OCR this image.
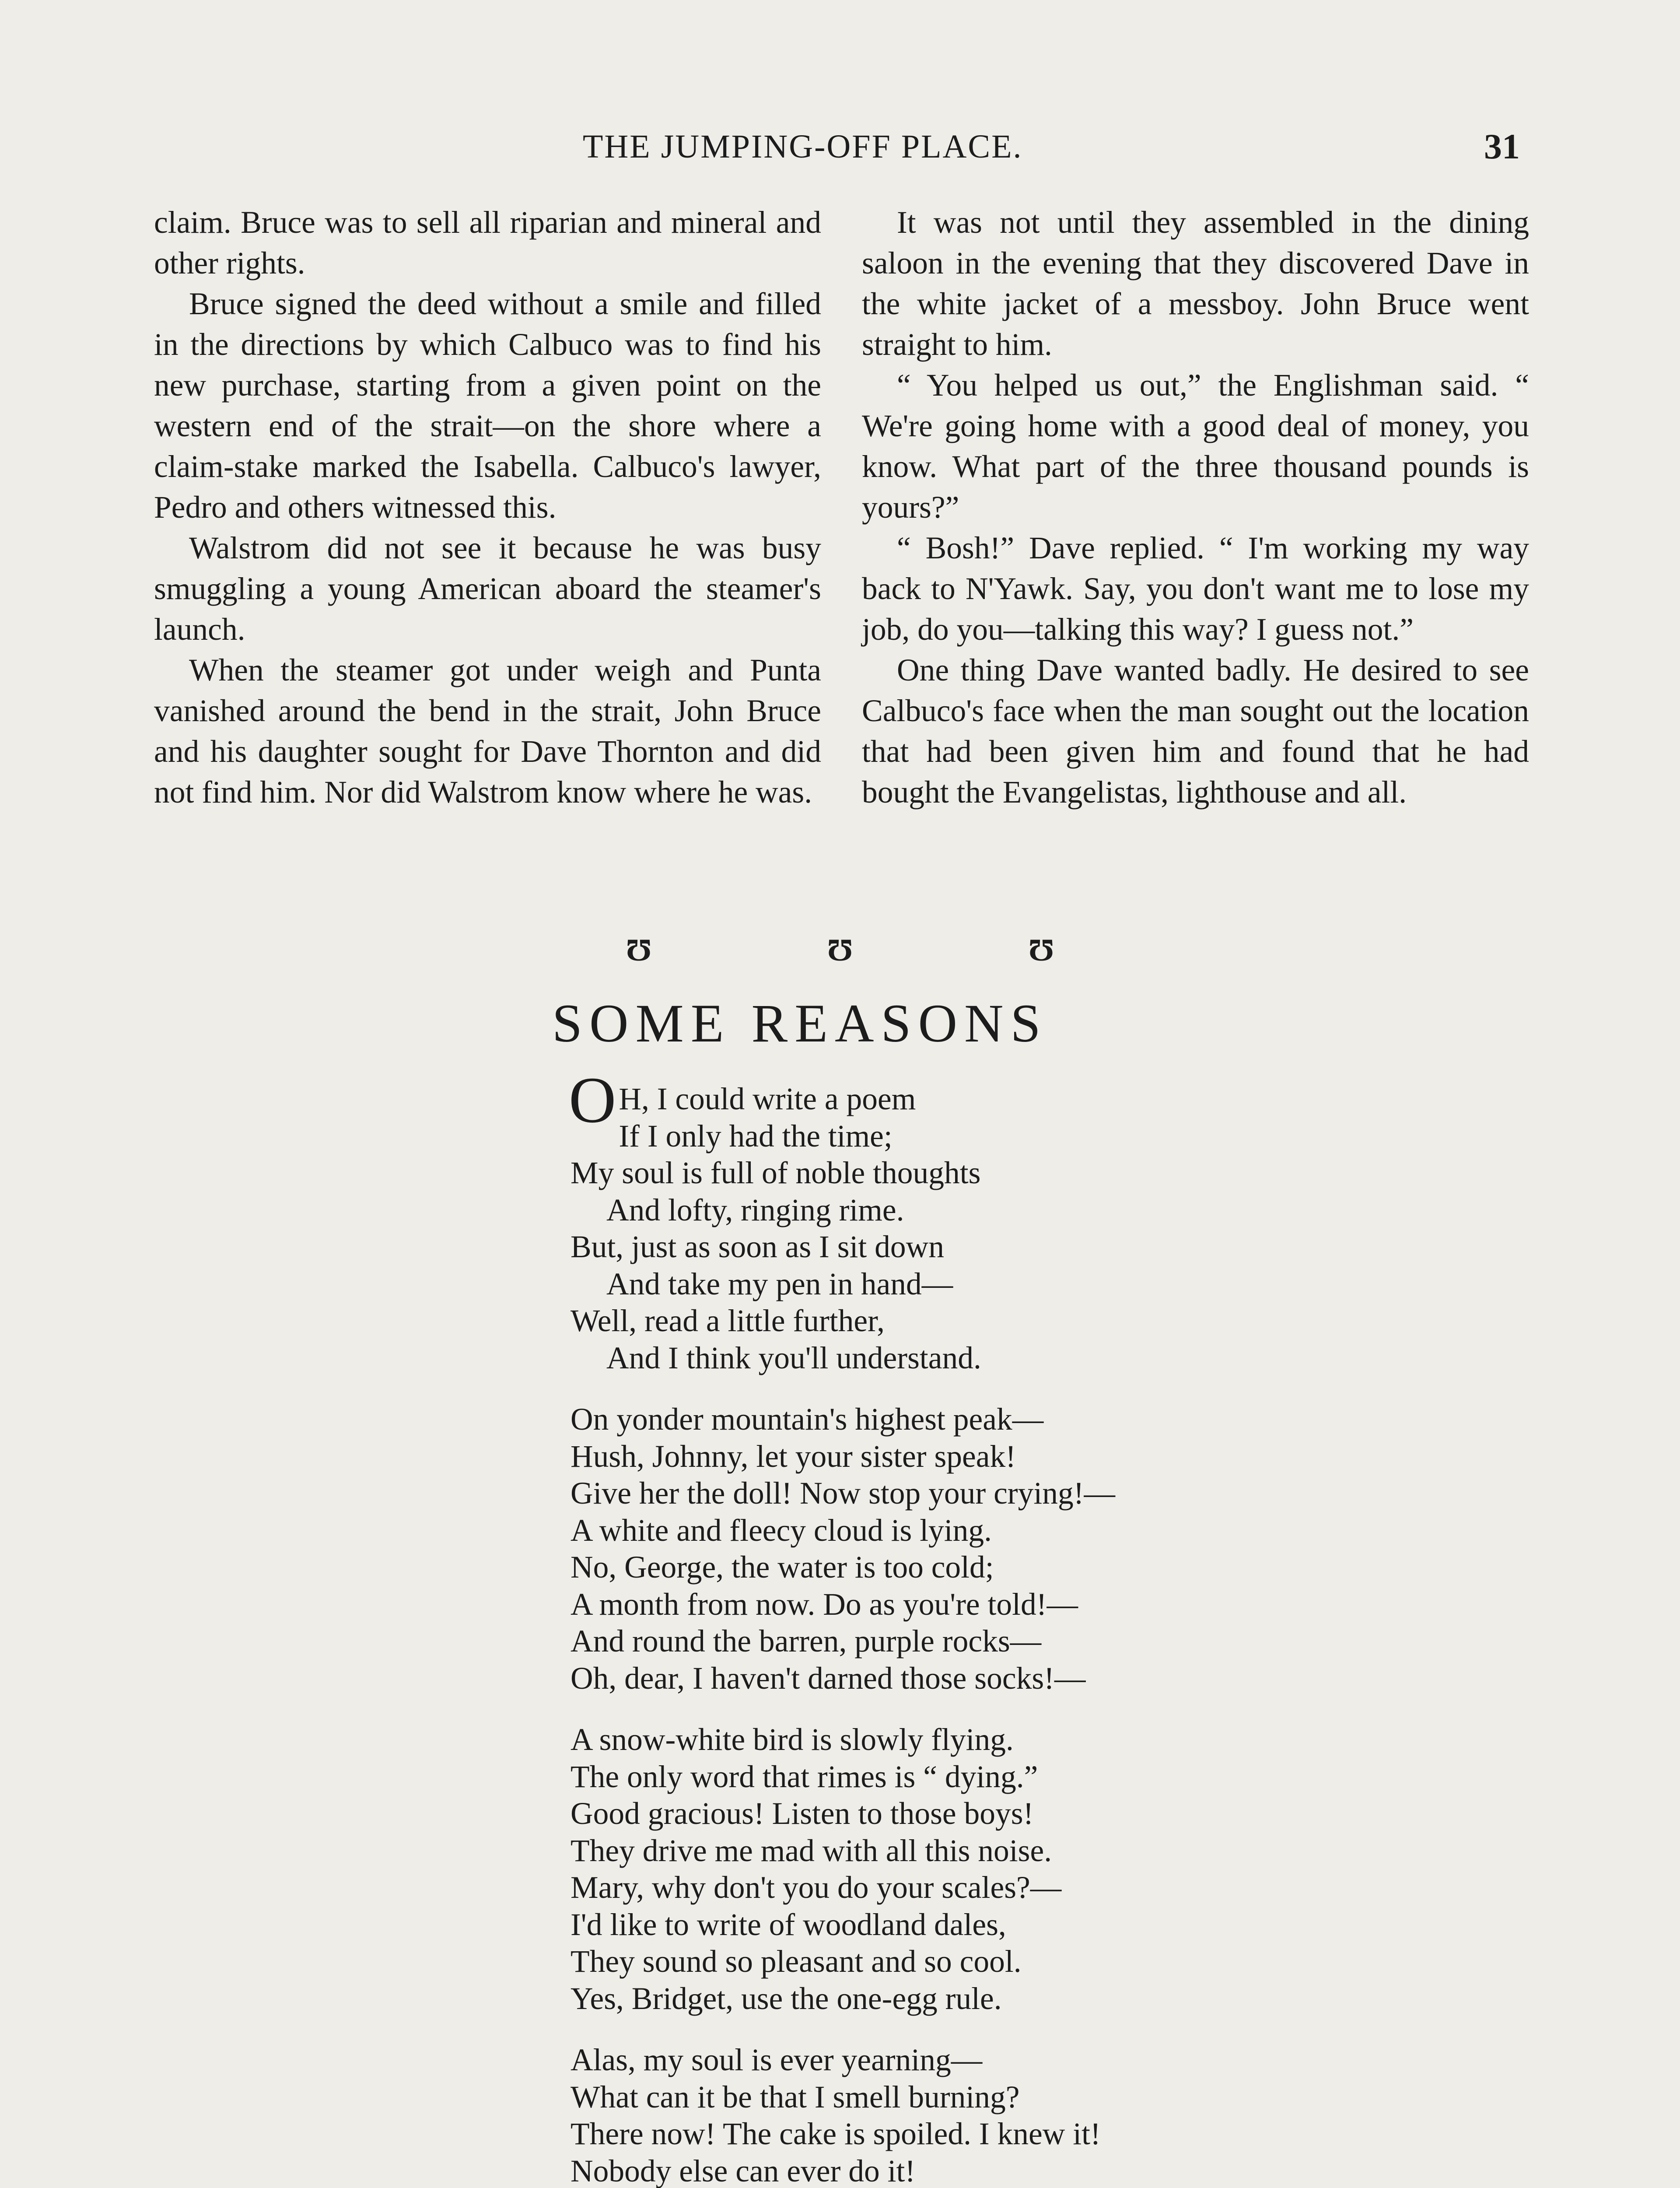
THE JUMPING-OFF PLACE.	31

claim. Bruce was to sell all riparian and mineral and other rights.

Bruce signed the deed without a smile and filled in the directions by which Calbuco was to find his new purchase, starting from a given point on the western end of the strait—on the shore where a claim-stake marked the Isabella. Calbuco's lawyer, Pedro and others witnessed this.

Walstrom did not see it because he was busy smuggling a young American aboard the steamer's launch.

When the steamer got under weigh and Punta vanished around the bend in the strait, John Bruce and his daughter sought for Dave Thornton and did not find him. Nor did Walstrom know where he was.

It was not until they assembled in the dining saloon in the evening that they discovered Dave in the white jacket of a messboy. John Bruce went straight to him.

“ You helped us out,” the Englishman said. “ We're going home with a good deal of money, you know. What part of the three thousand pounds is yours?”

“ Bosh!” Dave replied. “ I'm working my way back to N'Yawk. Say, you don't want me to lose my job, do you—talking this way? I guess not.”

One thing Dave wanted badly. He desired to see Calbuco's face when the man sought out the location that had been given him and found that he had bought the Evangelistas, lighthouse and all.

Ʊ	Ʊ	Ʊ
SOME REASONS
O H, I could write a poem
If I only had the time;
My soul is full of noble thoughts
And lofty, ringing rime.
But, just as soon as I sit down
And take my pen in hand—
Well, read a little further,
And I think you'll understand.
On yonder mountain's highest peak—
Hush, Johnny, let your sister speak!
Give her the doll! Now stop your crying!—
A white and fleecy cloud is lying.
No, George, the water is too cold;
A month from now. Do as you're told!—
And round the barren, purple rocks—
Oh, dear, I haven't darned those socks!—
A snow-white bird is slowly flying.
The only word that rimes is “ dying.”
Good gracious! Listen to those boys!
They drive me mad with all this noise.
Mary, why don't you do your scales?—
I'd like to write of woodland dales,
They sound so pleasant and so cool.
Yes, Bridget, use the one-egg rule.
Alas, my soul is ever yearning—
What can it be that I smell burning?
There now! The cake is spoiled. I knew it!
Nobody else can ever do it!
